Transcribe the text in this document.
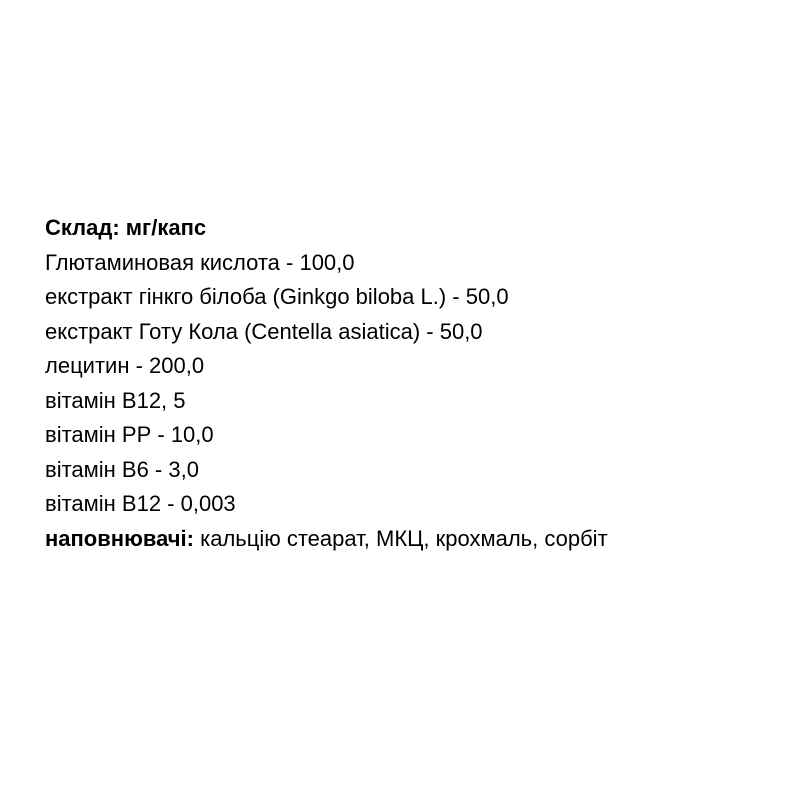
Склад: мг/капс

Глютаминовая кислота - 100,0

екстракт гінкго білоба (Ginkgo biloba L.) - 50,0

екстракт Готу Кола (Centella asiatica) - 50,0

лецитин - 200,0

вітамін В12, 5

вітамін РР - 10,0

вітамін В6 - 3,0

вітамін В12 - 0,003

наповнювачі: кальцію стеарат, МКЦ, крохмаль, сорбіт
